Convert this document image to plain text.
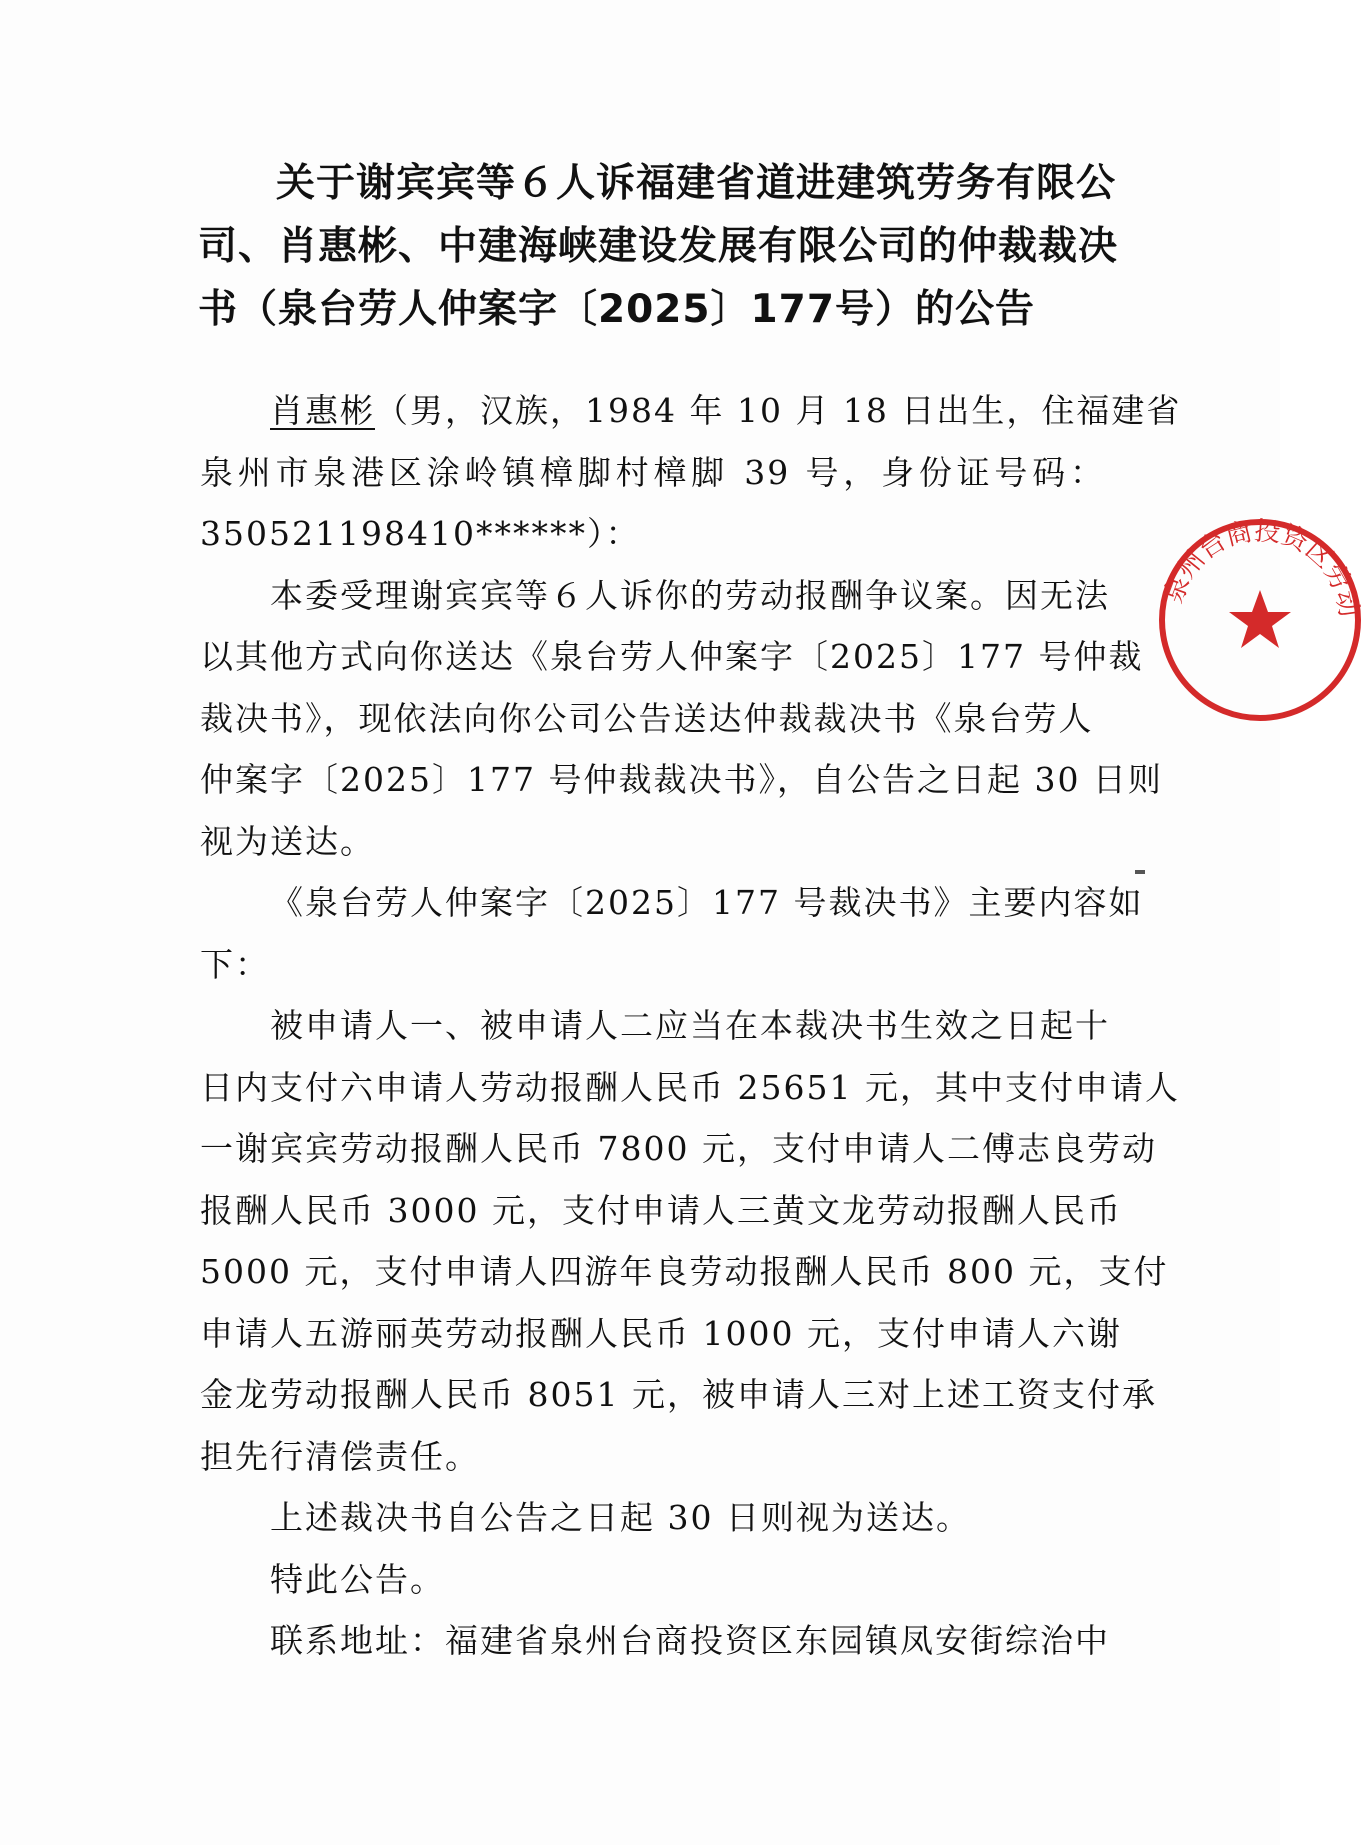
关于谢宾宾等６人诉福建省道进建筑劳务有限公
司、肖惠彬、中建海峡建设发展有限公司的仲裁裁决
书（泉台劳人仲案字〔2025〕177号）的公告
肖惠彬（男，汉族，1984 年 10 月 18 日出生，住福建省
泉州市泉港区涂岭镇樟脚村樟脚 39 号，身份证号码：
350521198410******）：
本委受理谢宾宾等６人诉你的劳动报酬争议案。因无法
以其他方式向你送达《泉台劳人仲案字〔2025〕177 号仲裁
裁决书》，现依法向你公司公告送达仲裁裁决书《泉台劳人
仲案字〔2025〕177 号仲裁裁决书》，自公告之日起 30 日则
视为送达。
《泉台劳人仲案字〔2025〕177 号裁决书》主要内容如
下：
被申请人一、被申请人二应当在本裁决书生效之日起十
日内支付六申请人劳动报酬人民币 25651 元，其中支付申请人
一谢宾宾劳动报酬人民币 7800 元，支付申请人二傅志良劳动
报酬人民币 3000 元，支付申请人三黄文龙劳动报酬人民币
5000 元，支付申请人四游年良劳动报酬人民币 800 元，支付
申请人五游丽英劳动报酬人民币 1000 元，支付申请人六谢
金龙劳动报酬人民币 8051 元，被申请人三对上述工资支付承
担先行清偿责任。
上述裁决书自公告之日起 30 日则视为送达。
特此公告。
联系地址：福建省泉州台商投资区东园镇凤安街综治中
泉州台商投资区劳动
